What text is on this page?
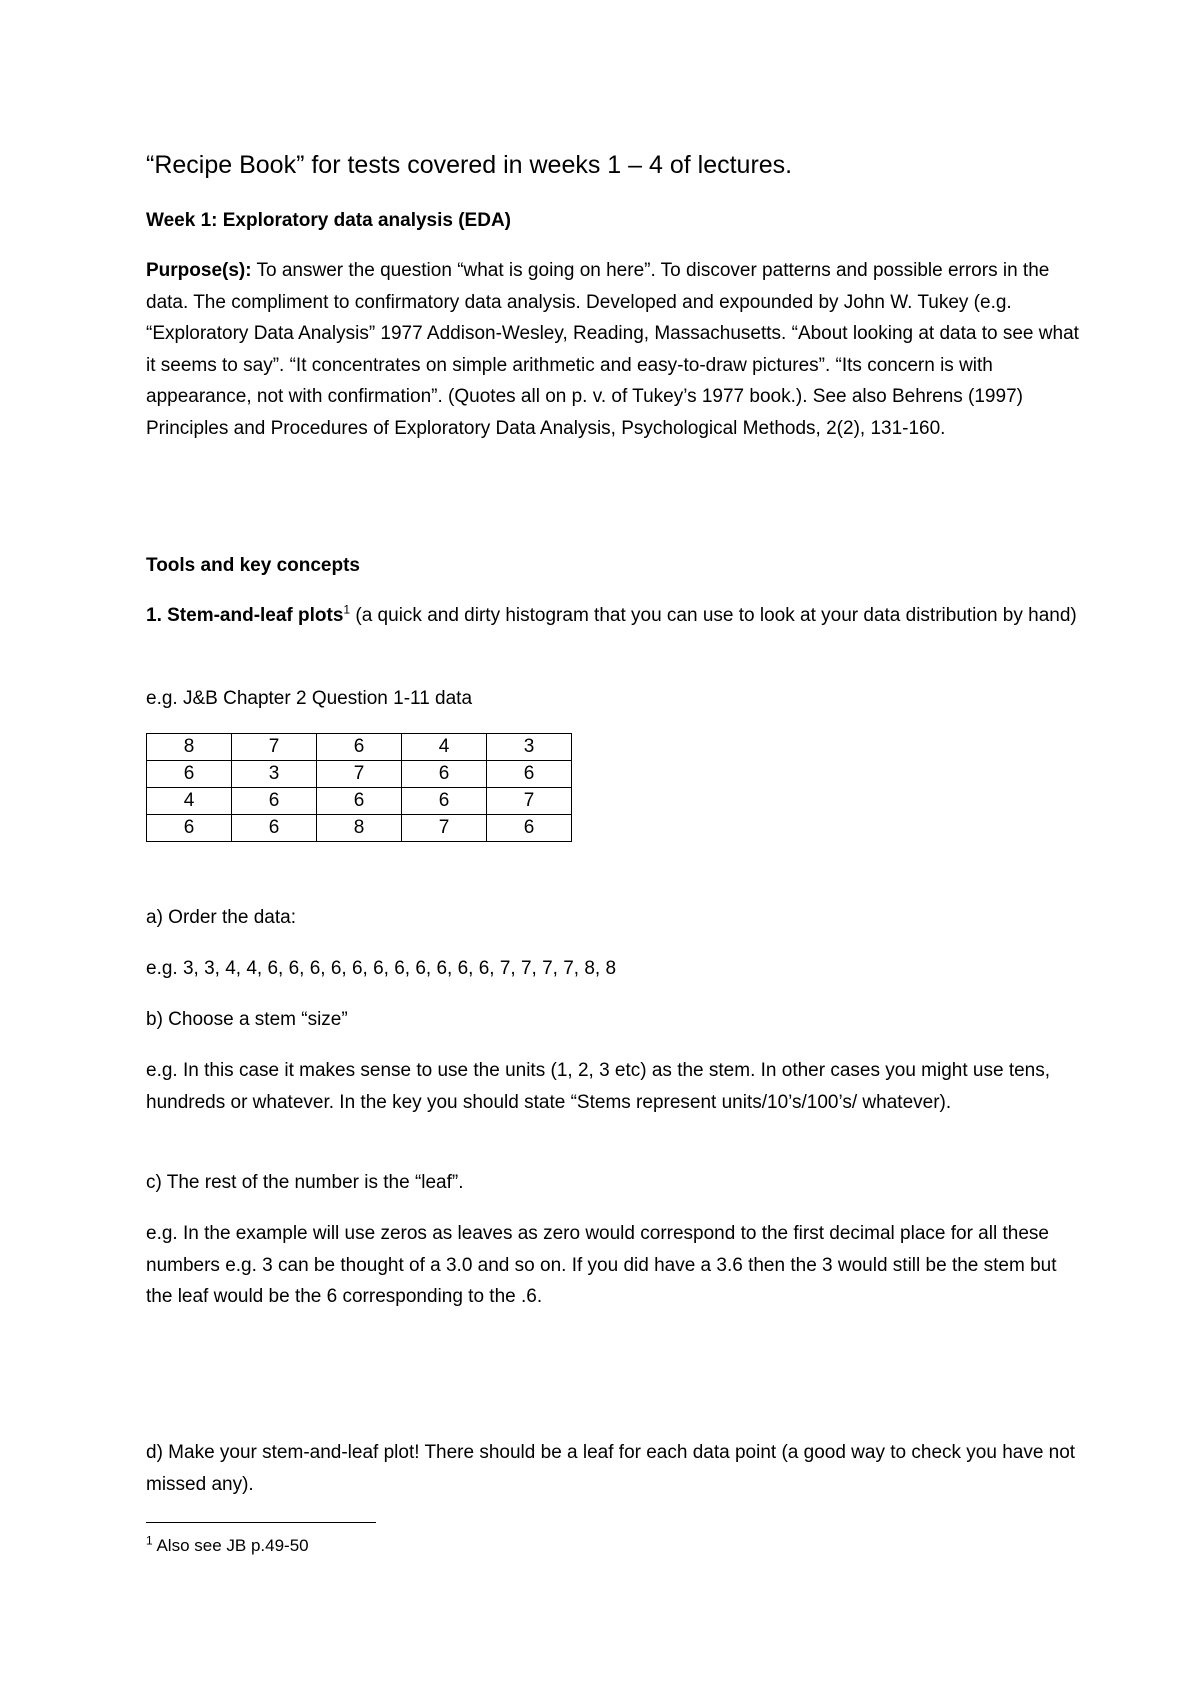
“Recipe Book” for tests covered in weeks 1 – 4 of lectures.
Week 1: Exploratory data analysis (EDA)
Purpose(s): To answer the question “what is going on here”. To discover patterns and possible errors in the data. The compliment to confirmatory data analysis. Developed and expounded by John W. Tukey (e.g. “Exploratory Data Analysis” 1977 Addison-Wesley, Reading, Massachusetts. “About looking at data to see what it seems to say”. “It concentrates on simple arithmetic and easy-to-draw pictures”. “Its concern is with appearance, not with confirmation”. (Quotes all on p. v. of Tukey’s 1977 book.). See also Behrens (1997) Principles and Procedures of Exploratory Data Analysis, Psychological Methods, 2(2), 131-160.
Tools and key concepts
1. Stem-and-leaf plots$^1$ (a quick and dirty histogram that you can use to look at your data distribution by hand)
e.g. J&B Chapter 2 Question 1-11 data
8	7	6	4	3
6	3	7	6	6
4	6	6	6	7
6	6	8	7	6
a) Order the data:
e.g. 3, 3, 4, 4, 6, 6, 6, 6, 6, 6, 6, 6, 6, 6, 6, 7, 7, 7, 7, 8, 8
b) Choose a stem “size”
e.g. In this case it makes sense to use the units (1, 2, 3 etc) as the stem. In other cases you might use tens, hundreds or whatever. In the key you should state “Stems represent units/10’s/100’s/ whatever).
c) The rest of the number is the “leaf”.
e.g. In the example will use zeros as leaves as zero would correspond to the first decimal place for all these numbers e.g. 3 can be thought of a 3.0 and so on. If you did have a 3.6 then the 3 would still be the stem but the leaf would be the 6 corresponding to the .6.
d) Make your stem-and-leaf plot! There should be a leaf for each data point (a good way to check you have not missed any).
$^1$ Also see JB p.49-50
